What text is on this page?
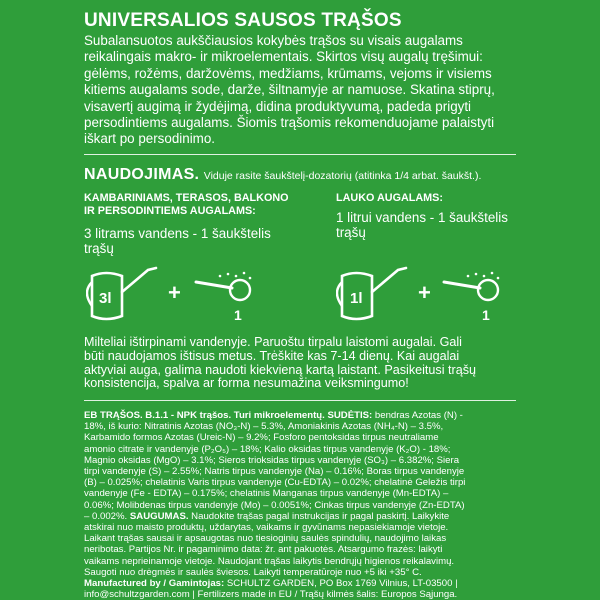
UNIVERSALIOS SAUSOS TRĄŠOS
Subalansuotos aukščiausios kokybės trąšos su visais augalams
reikalingais makro- ir mikroelementais. Skirtos visų augalų tręšimui:
gėlėms, rožėms, daržovėms, medžiams, krūmams, vejoms ir visiems
kitiems augalams sode, darže, šiltnamyje ar namuose. Skatina stiprų,
visavertį augimą ir žydėjimą, didina produktyvumą, padeda prigyti
persodintiems augalams. Šiomis trąšomis rekomenduojame palaistyti
iškart po persodinimo.
NAUDOJIMAS. Viduje rasite šaukštelį-dozatorių (atitinka 1/4 arbat. šaukšt.).
KAMBARINIAMS, TERASOS, BALKONO
IR PERSODINTIEMS AUGALAMS:
3 litrams vandens - 1 šaukštelis
trąšų
LAUKO AUGALAMS:
1 litrui vandens - 1 šaukštelis
trąšų
3l	+
1
1l	+
1
Milteliai ištirpinami vandenyje. Paruoštu tirpalu laistomi augalai. Gali
būti naudojamos ištisus metus. Trėškite kas 7-14 dienų. Kai augalai
aktyviai auga, galima naudoti kiekvieną kartą laistant. Pasikeitusi trąšų
konsistencija, spalva ar forma nesumažina veiksmingumo!
EB TRĄŠOS. B.1.1 - NPK trąšos. Turi mikroelementų. SUDĖTIS: bendras Azotas (N) -
18%, iš kurio: Nitratinis Azotas (NO₃-N) – 5.3%, Amoniakinis Azotas (NH₄-N) – 3.5%,
Karbamido formos Azotas (Ureic-N) – 9.2%; Fosforo pentoksidas tirpus neutraliame
amonio citrate ir vandenyje (P₂O₅) – 18%; Kalio oksidas tirpus vandenyje (K₂O) - 18%;
Magnio oksidas (MgO) – 3.1%; Sieros trioksidas tirpus vandenyje (SO₃) – 6.382%; Siera
tirpi vandenyje (S) – 2.55%; Natris tirpus vandenyje (Na) – 0.16%; Boras tirpus vandenyje
(B) – 0.025%; chelatinis Varis tirpus vandenyje (Cu-EDTA) – 0.02%; chelatinė Geležis tirpi
vandenyje (Fe - EDTA) – 0.175%; chelatinis Manganas tirpus vandenyje (Mn-EDTA) –
0.06%; Molibdenas tirpus vandenyje (Mo) – 0.0051%; Cinkas tirpus vandenyje (Zn-EDTA)
– 0.002%. SAUGUMAS. Naudokite trąšas pagal instrukcijas ir pagal paskirtį. Laikykite
atskirai nuo maisto produktų, uždarytas, vaikams ir gyvūnams nepasiekiamoje vietoje.
Laikant trąšas sausai ir apsaugotas nuo tiesioginių saulės spindulių, naudojimo laikas
neribotas. Partijos Nr. ir pagaminimo data: žr. ant pakuotės. Atsargumo frazės: laikyti
vaikams neprieinamoje vietoje. Naudojant trąšas laikytis bendrųjų higienos reikalavimų.
Saugoti nuo drėgmės ir saulės šviesos. Laikyti temperatūroje nuo +5 iki +35° C.
Manufactured by / Gamintojas: SCHULTZ GARDEN, PO Box 1769 Vilnius, LT-03500 |
info@schultzgarden.com | Fertilizers made in EU / Trąšų kilmės šalis: Europos Sąjunga.
